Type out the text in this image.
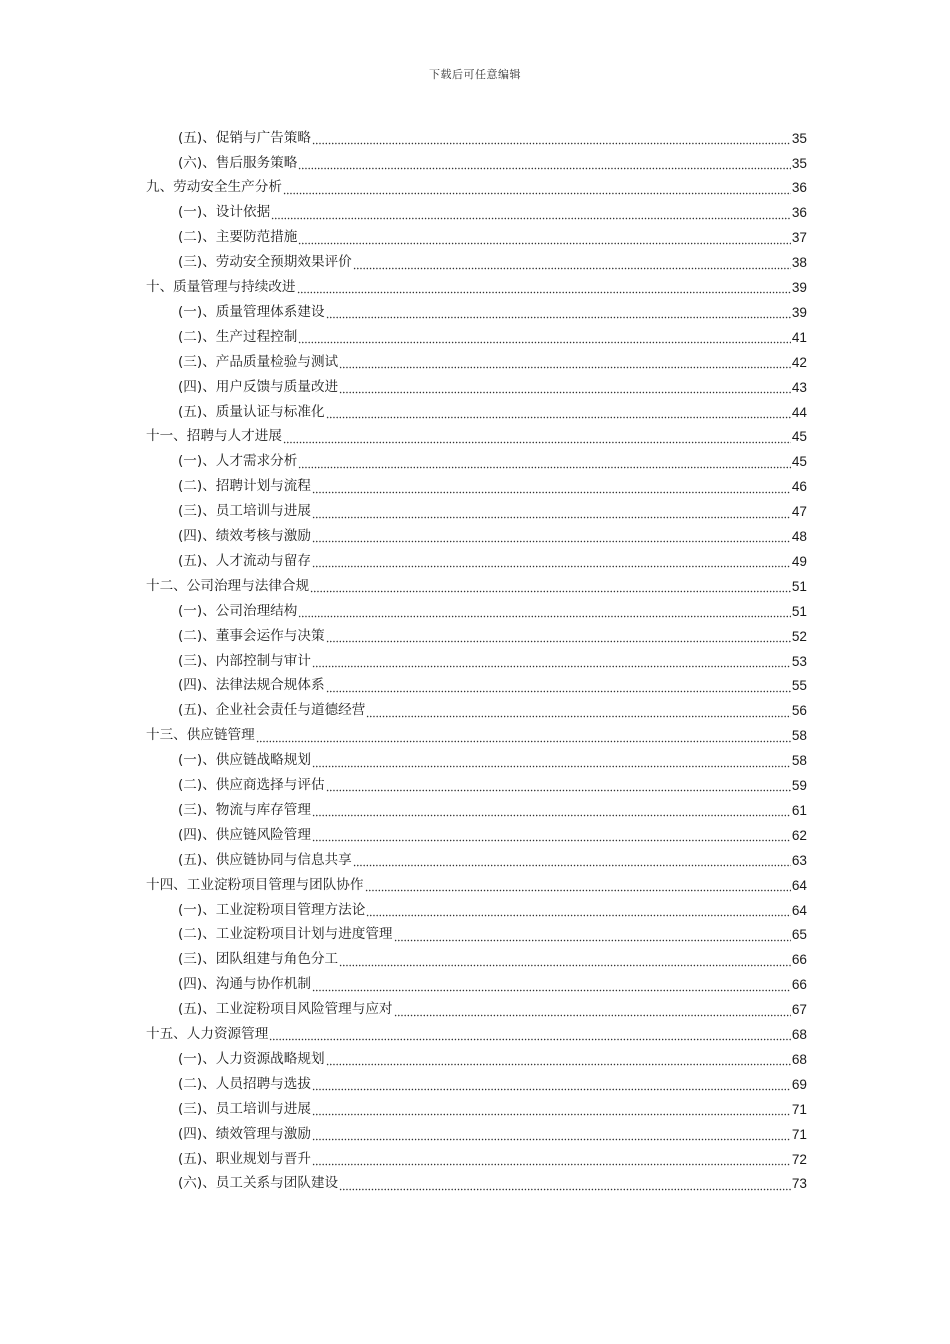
下载后可任意编辑
(五)、促销与广告策略	35
(六)、售后服务策略	35
九、劳动安全生产分析	36
(一)、设计依据	36
(二)、主要防范措施	37
(三)、劳动安全预期效果评价	38
十、质量管理与持续改进	39
(一)、质量管理体系建设	39
(二)、生产过程控制	41
(三)、产品质量检验与测试	42
(四)、用户反馈与质量改进	43
(五)、质量认证与标准化	44
十一、招聘与人才进展	45
(一)、人才需求分析	45
(二)、招聘计划与流程	46
(三)、员工培训与进展	47
(四)、绩效考核与激励	48
(五)、人才流动与留存	49
十二、公司治理与法律合规	51
(一)、公司治理结构	51
(二)、董事会运作与决策	52
(三)、内部控制与审计	53
(四)、法律法规合规体系	55
(五)、企业社会责任与道德经营	56
十三、供应链管理	58
(一)、供应链战略规划	58
(二)、供应商选择与评估	59
(三)、物流与库存管理	61
(四)、供应链风险管理	62
(五)、供应链协同与信息共享	63
十四、工业淀粉项目管理与团队协作	64
(一)、工业淀粉项目管理方法论	64
(二)、工业淀粉项目计划与进度管理	65
(三)、团队组建与角色分工	66
(四)、沟通与协作机制	66
(五)、工业淀粉项目风险管理与应对	67
十五、人力资源管理	68
(一)、人力资源战略规划	68
(二)、人员招聘与选拔	69
(三)、员工培训与进展	71
(四)、绩效管理与激励	71
(五)、职业规划与晋升	72
(六)、员工关系与团队建设	73
